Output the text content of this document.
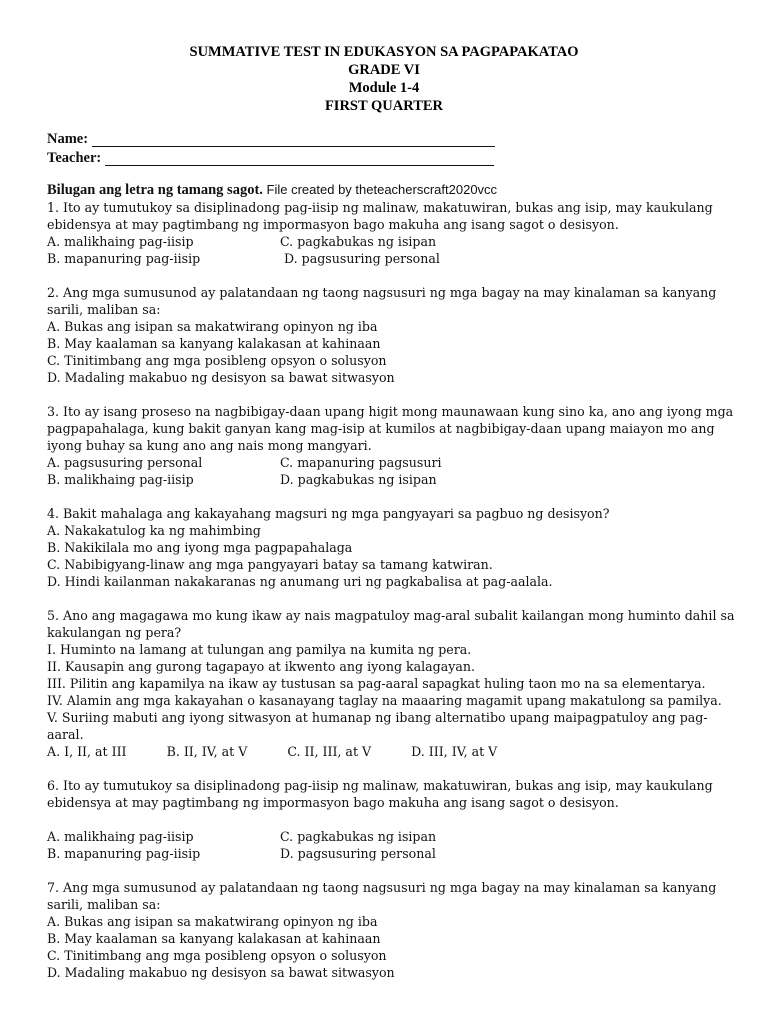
SUMMATIVE TEST IN EDUKASYON SA PAGPAPAKATAO
GRADE VI
Module 1-4
FIRST QUARTER
Name:
Teacher:

Bilugan ang letra ng tamang sagot. File created by theteacherscraft2020vcc

1. Ito ay tumutukoy sa disiplinadong pag-iisip ng malinaw, makatuwiran, bukas ang isip, may kaukulang ebidensya at may pagtimbang ng impormasyon bago makuha ang isang sagot o desisyon.

A. malikhaing pag-iisip	C. pagkabukas ng isipan
B. mapanuring pag-iisip	D. pagsusuring personal

2. Ang mga sumusunod ay palatandaan ng taong nagsusuri ng mga bagay na may kinalaman sa kanyang sarili, maliban sa:

A. Bukas ang isipan sa makatwirang opinyon ng iba

B. May kaalaman sa kanyang kalakasan at kahinaan

C. Tinitimbang ang mga posibleng opsyon o solusyon

D. Madaling makabuo ng desisyon sa bawat sitwasyon

3. Ito ay isang proseso na nagbibigay-daan upang higit mong maunawaan kung sino ka, ano ang iyong mga pagpapahalaga, kung bakit ganyan kang mag-isip at kumilos at nagbibigay-daan upang maiayon mo ang iyong buhay sa kung ano ang nais mong mangyari.

A. pagsusuring personal	C. mapanuring pagsusuri
B. malikhaing pag-iisip	D. pagkabukas ng isipan

4. Bakit mahalaga ang kakayahang magsuri ng mga pangyayari sa pagbuo ng desisyon?

A. Nakakatulog ka ng mahimbing

B. Nakikilala mo ang iyong mga pagpapahalaga

C. Nabibigyang-linaw ang mga pangyayari batay sa tamang katwiran.

D. Hindi kailanman nakakaranas ng anumang uri ng pagkabalisa at pag-aalala.

5. Ano ang magagawa mo kung ikaw ay nais magpatuloy mag-aral subalit kailangan mong huminto dahil sa kakulangan ng pera?

I. Huminto na lamang at tulungan ang pamilya na kumita ng pera.

II. Kausapin ang gurong tagapayo at ikwento ang iyong kalagayan.

III. Pilitin ang kapamilya na ikaw ay tustusan sa pag-aaral sapagkat huling taon mo na sa elementarya.

IV. Alamin ang mga kakayahan o kasanayang taglay na maaaring magamit upang makatulong sa pamilya.

V. Suriing mabuti ang iyong sitwasyon at humanap ng ibang alternatibo upang maipagpatuloy ang pag-aaral.

A. I, II, at III          B. II, IV, at V          C. II, III, at V          D. III, IV, at V

6. Ito ay tumutukoy sa disiplinadong pag-iisip ng malinaw, makatuwiran, bukas ang isip, may kaukulang ebidensya at may pagtimbang ng impormasyon bago makuha ang isang sagot o desisyon.

A. malikhaing pag-iisip	C. pagkabukas ng isipan
B. mapanuring pag-iisip	D. pagsusuring personal

7. Ang mga sumusunod ay palatandaan ng taong nagsusuri ng mga bagay na may kinalaman sa kanyang sarili, maliban sa:

A. Bukas ang isipan sa makatwirang opinyon ng iba

B. May kaalaman sa kanyang kalakasan at kahinaan

C. Tinitimbang ang mga posibleng opsyon o solusyon

D. Madaling makabuo ng desisyon sa bawat sitwasyon
